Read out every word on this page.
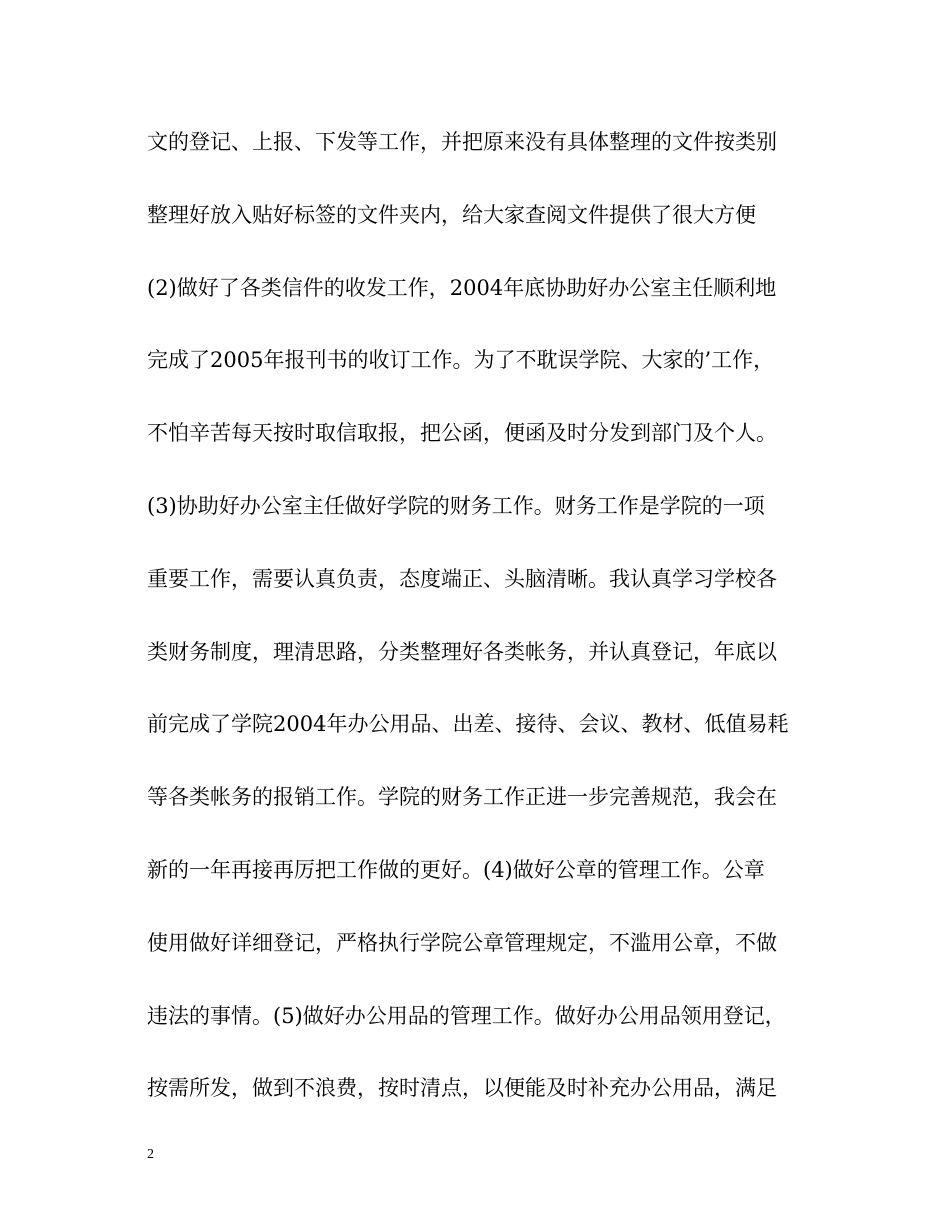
文的登记、上报、下发等工作，并把原来没有具体整理的文件按类别
整理好放入贴好标签的文件夹内，给大家查阅文件提供了很大方便
(2)做好了各类信件的收发工作，2004年底协助好办公室主任顺利地
完成了2005年报刊书的收订工作。为了不耽误学院、大家的’工作，
不怕辛苦每天按时取信取报，把公函，便函及时分发到部门及个人。
(3)协助好办公室主任做好学院的财务工作。财务工作是学院的一项
重要工作，需要认真负责，态度端正、头脑清晰。我认真学习学校各
类财务制度，理清思路，分类整理好各类帐务，并认真登记，年底以
前完成了学院2004年办公用品、出差、接待、会议、教材、低值易耗
等各类帐务的报销工作。学院的财务工作正进一步完善规范，我会在
新的一年再接再厉把工作做的更好。(4)做好公章的管理工作。公章
使用做好详细登记，严格执行学院公章管理规定，不滥用公章，不做
违法的事情。(5)做好办公用品的管理工作。做好办公用品领用登记，
按需所发，做到不浪费，按时清点，以便能及时补充办公用品，满足
2
